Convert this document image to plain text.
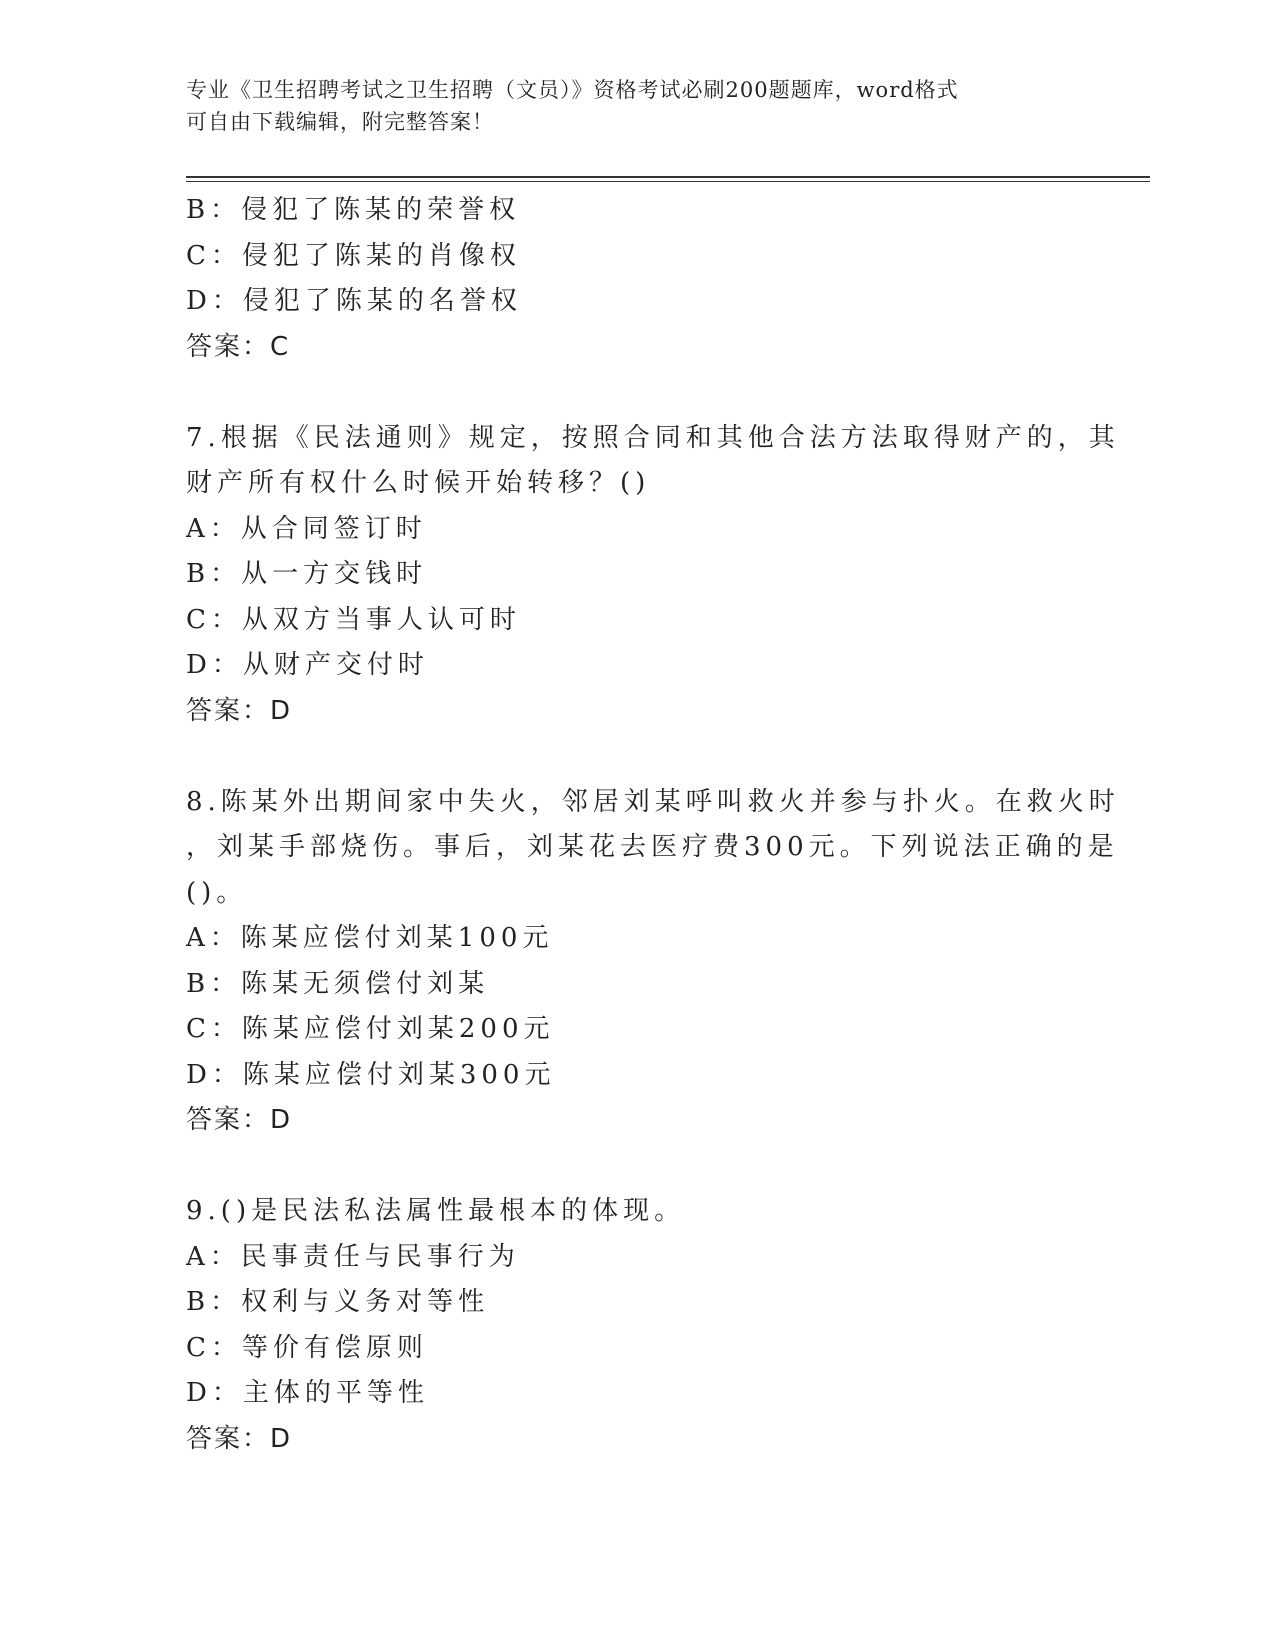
专业《卫生招聘考试之卫生招聘（文员）》资格考试必刷200题题库，word格式
可自由下载编辑，附完整答案！
B：侵犯了陈某的荣誉权
C：侵犯了陈某的肖像权
D：侵犯了陈某的名誉权
答案：C
7.根据《民法通则》规定，按照合同和其他合法方法取得财产的，其
财产所有权什么时候开始转移？()
A：从合同签订时
B：从一方交钱时
C：从双方当事人认可时
D：从财产交付时
答案：D
8.陈某外出期间家中失火，邻居刘某呼叫救火并参与扑火。在救火时
，刘某手部烧伤。事后，刘某花去医疗费300元。下列说法正确的是
()。
A：陈某应偿付刘某100元
B：陈某无须偿付刘某
C：陈某应偿付刘某200元
D：陈某应偿付刘某300元
答案：D
9.()是民法私法属性最根本的体现。
A：民事责任与民事行为
B：权利与义务对等性
C：等价有偿原则
D：主体的平等性
答案：D
